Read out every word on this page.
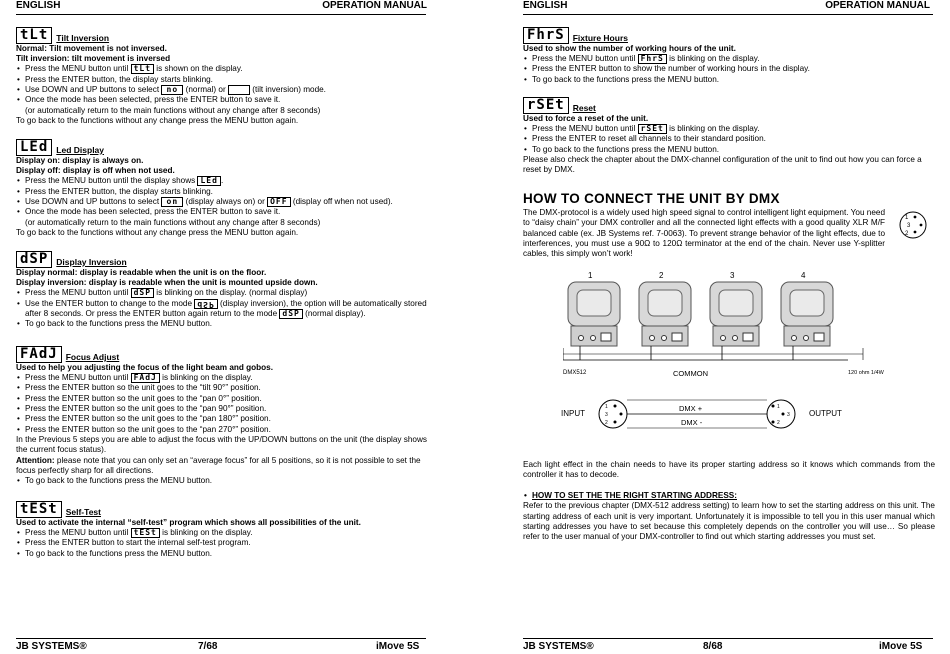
ENGLISH	OPERATION MANUAL
tLt Tilt Inversion
Normal: Tilt movement is not inversed.
Tilt inversion: tilt movement is inversed
• Press the MENU button until tLt is shown on the display.
• Press the ENTER button, the display starts blinking.
• Use DOWN and UP buttons to select no (normal) or	(tilt inversion) mode.
• Once the mode has been selected, press the ENTER button to save it.
(or automatically return to the main functions without any change after 8 seconds)
To go back to the functions without any change press the MENU button again.
LEd Led Display
Display on: display is always on.
Display off: display is off when not used.
• Press the MENU button until the display shows LEd .
• Press the ENTER button, the display starts blinking.
• Use DOWN and UP buttons to select on (display always on) or OFF (display off when not used).
• Once the mode has been selected, press the ENTER button to save it.
(or automatically return to the main functions without any change after 8 seconds)
To go back to the functions without any change press the MENU button again.
dSP Display Inversion
Display normal: display is readable when the unit is on the floor.
Display inversion: display is readable when the unit is mounted upside down.
• Press the MENU button until dSP is blinking on the display. (normal display)
• Use the ENTER button to change to the mode dSP (display inversion), the option will be automatically stored after 8 seconds. Or press the ENTER button again return to the mode dSP (normal display).
• To go back to the functions press the MENU button.
FAdJ Focus Adjust
Used to help you adjusting the focus of the light beam and gobos.
• Press the MENU button until FAdJ is blinking on the display.
• Press the ENTER button so the unit goes to the “tilt 90°” position.
• Press the ENTER button so the unit goes to the “pan 0°” position.
• Press the ENTER button so the unit goes to the “pan 90°” position.
• Press the ENTER button so the unit goes to the “pan 180°” position.
• Press the ENTER button so the unit goes to the “pan 270°” position.
In the Previous 5 steps you are able to adjust the focus with the UP/DOWN buttons on the unit (the display shows the current focus status).
Attention: please note that you can only set an “average focus” for all 5 positions, so it is not possible to set the focus perfectly sharp for all directions.
• To go back to the functions press the MENU button.
tESt Self-Test
Used to activate the internal “self-test” program which shows all possibilities of the unit.
• Press the MENU button until tESt is blinking on the display.
• Press the ENTER button to start the internal self-test program.
• To go back to the functions press the MENU button.
JB SYSTEMS®	7/68	iMove 5S
ENGLISH	OPERATION MANUAL
FhrS Fixture Hours
Used to show the number of working hours of the unit.
• Press the MENU button until FhrS is blinking on the display.
• Press the ENTER button to show the number of working hours in the display.
• To go back to the functions press the MENU button.
rSEt Reset
Used to force a reset of the unit.
• Press the MENU button until rSEt is blinking on the display.
• Press the ENTER to reset all channels to their standard position.
• To go back to the functions press the MENU button.
Please also check the chapter about the DMX-channel configuration of the unit to find out how you can force a reset by DMX.
HOW TO CONNECT THE UNIT BY DMX
The DMX-protocol is a widely used high speed signal to control intelligent light equipment. You need to “daisy chain” your DMX controller and all the connected light effects with a good quality XLR M/F balanced cable (ex. JB Systems ref. 7-0063). To prevent strange behavior of the light effects, due to interferences, you must use a 90Ω to 120Ω terminator at the end of the chain. Never use Y-splitter cables, this simply won’t work!
1
2
3
1	2	3	4
DMX512	COMMON	120 ohm 1/4W
INPUT
1
2
3
DMX +
DMX -
1
2
3 OUTPUT
Each light effect in the chain needs to have its proper starting address so it knows which commands from the controller it has to decode.
• HOW TO SET THE THE RIGHT STARTING ADDRESS:
Refer to the previous chapter (DMX-512 address setting) to learn how to set the starting address on this unit. The starting address of each unit is very important. Unfortunately it is impossible to tell you in this user manual which starting addresses you have to set because this completely depends on the controller you will use… So please refer to the user manual of your DMX-controller to find out which starting addresses you must set.
JB SYSTEMS®	8/68	iMove 5S
